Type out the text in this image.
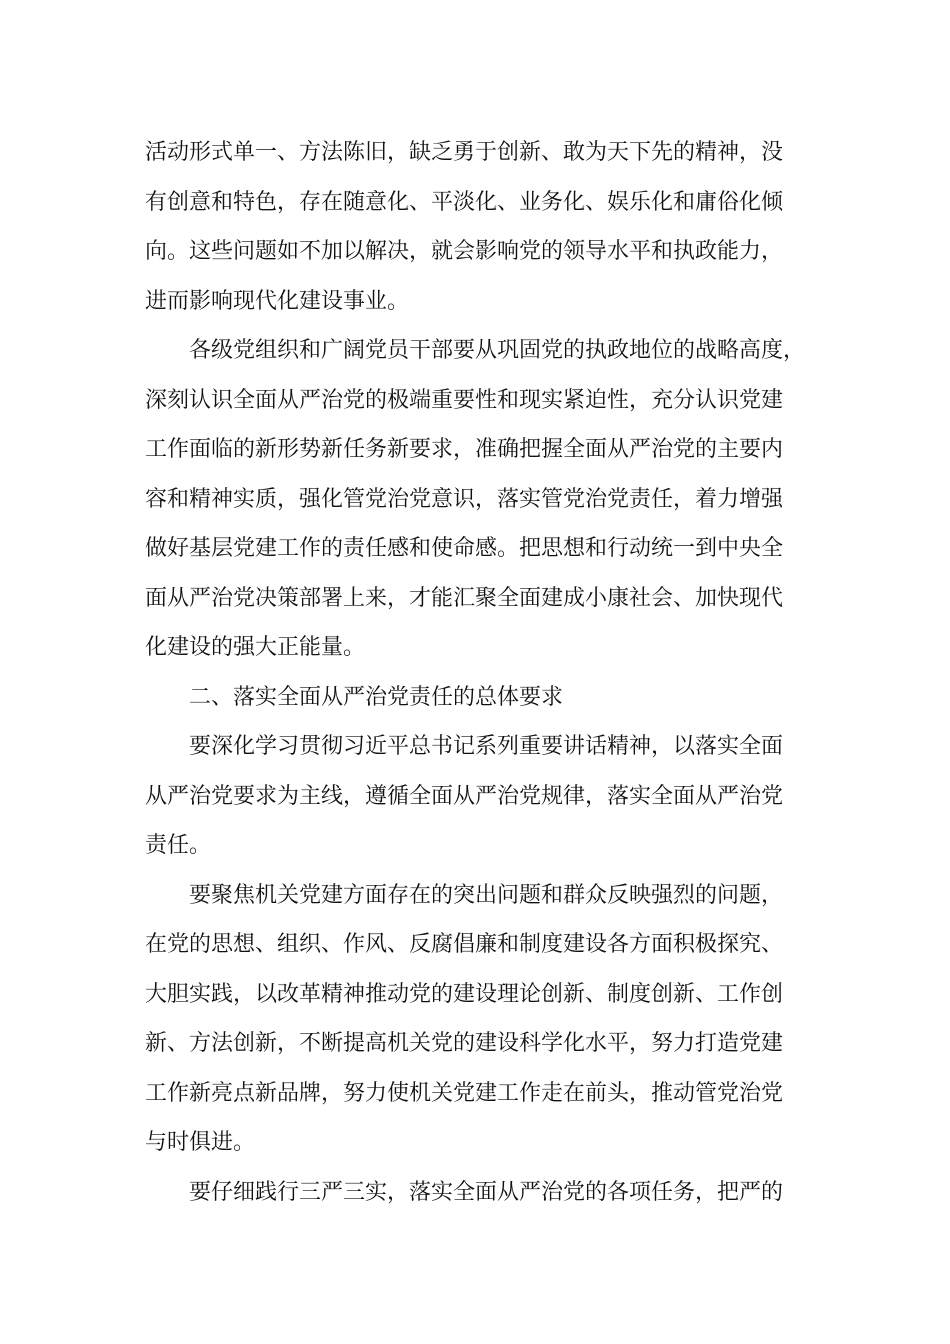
活动形式单一、方法陈旧，缺乏勇于创新、敢为天下先的精神，没
有创意和特色，存在随意化、平淡化、业务化、娱乐化和庸俗化倾
向。这些问题如不加以解决，就会影响党的领导水平和执政能力，
进而影响现代化建设事业。
各级党组织和广阔党员干部要从巩固党的执政地位的战略高度，
深刻认识全面从严治党的极端重要性和现实紧迫性，充分认识党建
工作面临的新形势新任务新要求，准确把握全面从严治党的主要内
容和精神实质，强化管党治党意识，落实管党治党责任，着力增强
做好基层党建工作的责任感和使命感。把思想和行动统一到中央全
面从严治党决策部署上来，才能汇聚全面建成小康社会、加快现代
化建设的强大正能量。
二、落实全面从严治党责任的总体要求
要深化学习贯彻习近平总书记系列重要讲话精神，以落实全面
从严治党要求为主线，遵循全面从严治党规律，落实全面从严治党
责任。
要聚焦机关党建方面存在的突出问题和群众反映强烈的问题，
在党的思想、组织、作风、反腐倡廉和制度建设各方面积极探究、
大胆实践，以改革精神推动党的建设理论创新、制度创新、工作创
新、方法创新，不断提高机关党的建设科学化水平，努力打造党建
工作新亮点新品牌，努力使机关党建工作走在前头，推动管党治党
与时俱进。
要仔细践行三严三实，落实全面从严治党的各项任务，把严的
